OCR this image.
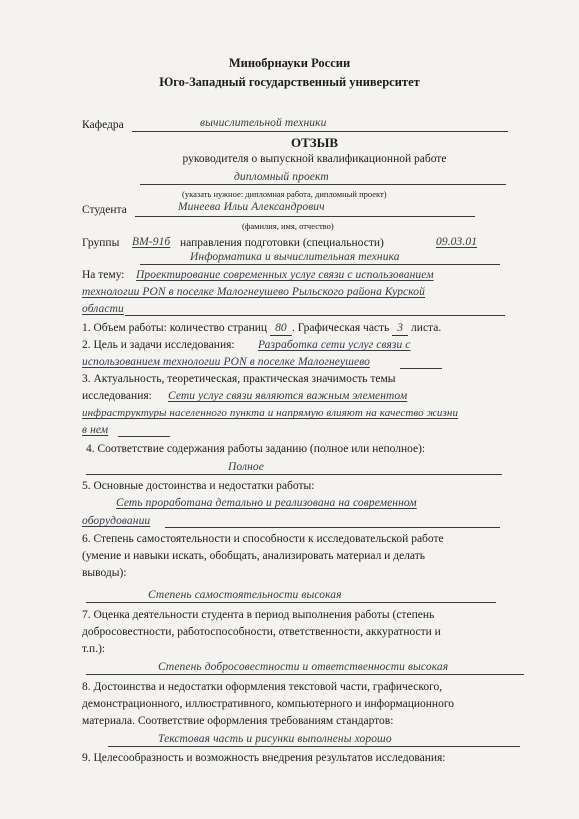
Минобрнауки России
Юго-Западный государственный университет
Кафедра	вычислительной техники
ОТЗЫВ
руководителя о выпускной квалификационной работе
дипломный проект
(указать нужное: дипломная работа, дипломный проект)
Студента	Минеева Ильи Александрович
(фамилия, имя, отчество)
Группы ВМ-91б направления подготовки (специальности)	09.03.01
Информатика и вычислительная техника
На тему: Проектирование современных услуг связи с использованием
технологии PON в поселке Малогнеушево Рыльского района Курской
области
1. Объем работы: количество страниц 80 . Графическая часть 3 листа.
2. Цель и задачи исследования: Разработка сети услуг связи с
использованием технологии PON в поселке Малогнеушево
3. Актуальность, теоретическая, практическая значимость темы
исследования: Сети услуг связи являются важным элементом
инфраструктуры населенного пункта и напрямую влияют на качество жизни
в нем
4. Соответствие содержания работы заданию (полное или неполное):
Полное
5. Основные достоинства и недостатки работы:
Сеть проработана детально и реализована на современном
оборудовании
6. Степень самостоятельности и способности к исследовательской работе
(умение и навыки искать, обобщать, анализировать материал и делать
выводы):
Степень самостоятельности высокая
7. Оценка деятельности студента в период выполнения работы (степень
добросовестности, работоспособности, ответственности, аккуратности и
т.п.):
Степень добросовестности и ответственности высокая
8. Достоинства и недостатки оформления текстовой части, графического,
демонстрационного, иллюстративного, компьютерного и информационного
материала. Соответствие оформления требованиям стандартов:
Текстовая часть и рисунки выполнены хорошо
9. Целесообразность и возможность внедрения результатов исследования:
